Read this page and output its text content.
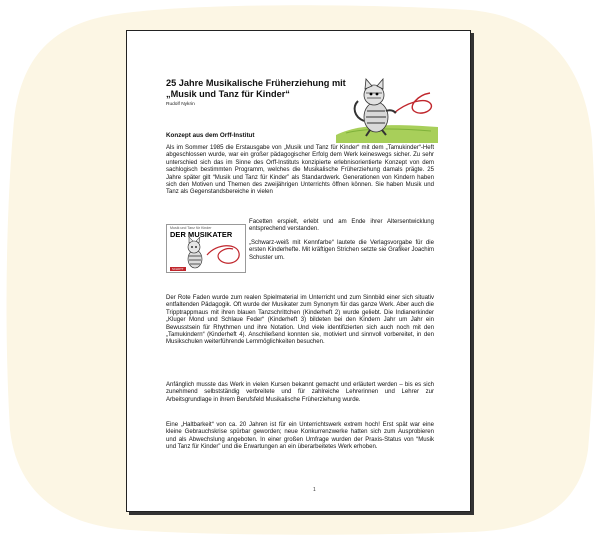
25 Jahre Musikalische Früherziehung mit
„Musik und Tanz für Kinder“
Rudolf Nykrin
Konzept aus dem Orff-Institut
Als im Sommer 1985 die Erstausgabe von „Musik und Tanz für Kinder“ mit dem „Tamukinder“-Heft abgeschlossen wurde, war ein großer pädagogischer Erfolg dem Werk keineswegs sicher. Zu sehr unterschied sich das im Sinne des Orff-Instituts konzipierte erlebnisorientierte Konzept von dem sachlogisch bestimmten Programm, welches die Musikalische Früherziehung damals prägte. 25 Jahre später gilt “Musik und Tanz für Kinder” als Standardwerk. Generationen von Kindern haben sich den Motiven und Themen des zweijährigen Unterrichts öffnen können. Sie haben Musik und Tanz als Gegenstandsbereiche in vielen
Musik und Tanz für Kinder
DER MUSIKATER
SCHOTT

Facetten erspielt, erlebt und am Ende ihrer Altersentwicklung entsprechend verstanden.

„Schwarz-weiß mit Kennfarbe“ lautete die Verlagsvorgabe für die ersten Kinderhefte. Mit kräftigen Strichen setzte sie Grafiker Joachim Schuster um.

Der Rote Faden wurde zum realen Spielmaterial im Unterricht und zum Sinnbild einer sich situativ entfaltenden Pädagogik. Oft wurde der Musikater zum Synonym für das ganze Werk. Aber auch die Tripptrappmaus mit ihren blauen Tanzschrittchen (Kinderheft 2) wurde geliebt. Die Indianerkinder „Kluger Mond und Schlaue Feder“ (Kinderheft 3) bildeten bei den Kindern Jahr um Jahr ein Bewusstsein für Rhythmen und ihre Notation. Und viele identifizierten sich auch noch mit den „Tamukindern“ (Kinderheft 4). Anschließend konnten sie, motiviert und sinnvoll vorbereitet, in den Musikschulen weiterführende Lernmöglichkeiten besuchen.
Anfänglich musste das Werk in vielen Kursen bekannt gemacht und erläutert werden – bis es sich zunehmend selbstständig verbreitete und für zahlreiche Lehrerinnen und Lehrer zur Arbeitsgrundlage in ihrem Berufsfeld Musikalische Früherziehung wurde.
Eine „Haltbarkeit“ von ca. 20 Jahren ist für ein Unterrichtswerk extrem hoch! Erst spät war eine kleine Gebrauchskrise spürbar geworden; neue Konkurrenzwerke hatten sich zum Ausprobieren und als Abwechslung angeboten. In einer großen Umfrage wurden der Praxis-Status von “Musik und Tanz für Kinder” und die Erwartungen an ein überarbeitetes Werk erhoben.
1
